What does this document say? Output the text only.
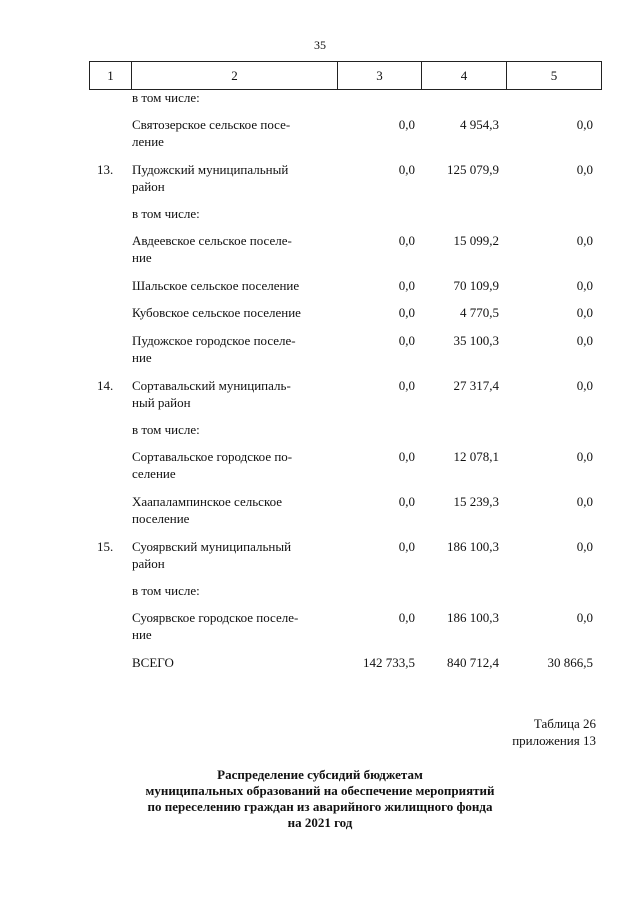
35
1	2	3	4	5
в том числе:
Святозерское сельское посе-
ление
0,0	4 954,3	0,0
13.	Пудожский муниципальный
район
0,0	125 079,9	0,0
в том числе:
Авдеевское сельское поселе-
ние
0,0	15 099,2	0,0
Шальское сельское поселение	0,0	70 109,9	0,0
Кубовское сельское поселение	0,0	4 770,5	0,0
Пудожское городское поселе-
ние
0,0	35 100,3	0,0
14.	Сортавальский муниципаль-
ный район
0,0	27 317,4	0,0
в том числе:
Сортавальское городское по-
селение
0,0	12 078,1	0,0
Хаапалампинское сельское
поселение
0,0	15 239,3	0,0
15.	Суоярвский муниципальный
район
0,0	186 100,3	0,0
в том числе:
Суоярвское городское поселе-
ние
0,0	186 100,3	0,0
ВСЕГО	142 733,5	840 712,4	30 866,5
Таблица 26
приложения 13
Распределение субсидий бюджетам
муниципальных образований на обеспечение мероприятий
по переселению граждан из аварийного жилищного фонда
на 2021 год
